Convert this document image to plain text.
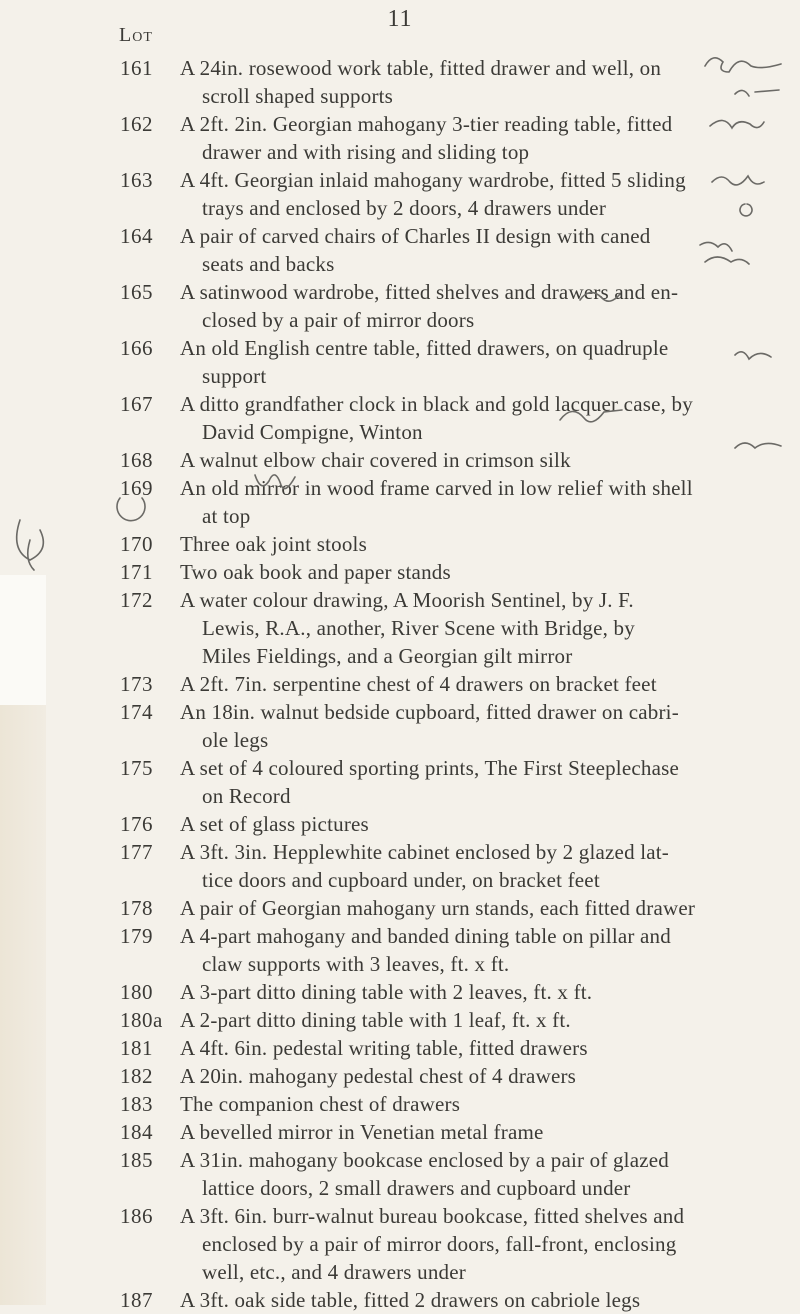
11
Lot
161	A 24in. rosewood work table, fitted drawer and well, on
scroll shaped supports
162	A 2ft. 2in. Georgian mahogany 3-tier reading table, fitted
drawer and with rising and sliding top
163	A 4ft. Georgian inlaid mahogany wardrobe, fitted 5 sliding
trays and enclosed by 2 doors, 4 drawers under
164	A pair of carved chairs of Charles II design with caned
seats and backs
165	A satinwood wardrobe, fitted shelves and drawers and en-
closed by a pair of mirror doors
166	An old English centre table, fitted drawers, on quadruple
support
167	A ditto grandfather clock in black and gold lacquer case, by
David Compigne, Winton
168	A walnut elbow chair covered in crimson silk
169	An old mirror in wood frame carved in low relief with shell
at top
170	Three oak joint stools
171	Two oak book and paper stands
172	A water colour drawing, A Moorish Sentinel, by J. F.
Lewis, R.A., another, River Scene with Bridge, by
Miles Fieldings, and a Georgian gilt mirror
173	A 2ft. 7in. serpentine chest of 4 drawers on bracket feet
174	An 18in. walnut bedside cupboard, fitted drawer on cabri-
ole legs
175	A set of 4 coloured sporting prints, The First Steeplechase
on Record
176	A set of glass pictures
177	A 3ft. 3in. Hepplewhite cabinet enclosed by 2 glazed lat-
tice doors and cupboard under, on bracket feet
178	A pair of Georgian mahogany urn stands, each fitted drawer
179	A 4-part mahogany and banded dining table on pillar and
claw supports with 3 leaves, ft. x ft.
180	A 3-part ditto dining table with 2 leaves, ft. x ft.
180a A 2-part ditto dining table with 1 leaf, ft. x ft.
181	A 4ft. 6in. pedestal writing table, fitted drawers
182	A 20in. mahogany pedestal chest of 4 drawers
183	The companion chest of drawers
184	A bevelled mirror in Venetian metal frame
185	A 31in. mahogany bookcase enclosed by a pair of glazed
lattice doors, 2 small drawers and cupboard under
186	A 3ft. 6in. burr-walnut bureau bookcase, fitted shelves and
enclosed by a pair of mirror doors, fall-front, enclosing
well, etc., and 4 drawers under
187	A 3ft. oak side table, fitted 2 drawers on cabriole legs
